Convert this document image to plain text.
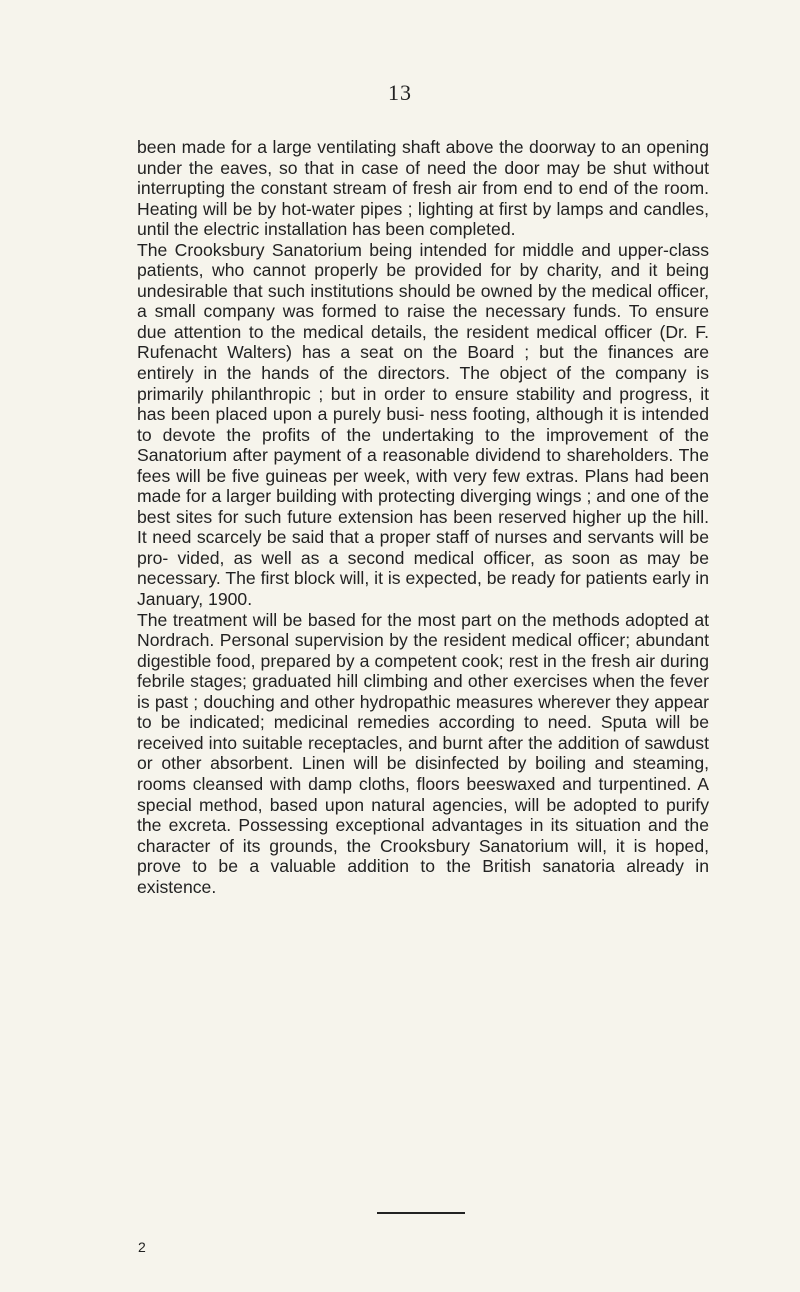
13

been made for a large ventilating shaft above the doorway to an opening under the eaves, so that in case of need the door may be shut without interrupting the constant stream of fresh air from end to end of the room. Heating will be by hot-water pipes ; lighting at first by lamps and candles, until the electric installation has been completed.

The Crooksbury Sanatorium being intended for middle and upper-class patients, who cannot properly be provided for by charity, and it being undesirable that such institutions should be owned by the medical officer, a small company was formed to raise the necessary funds. To ensure due attention to the medical details, the resident medical officer (Dr. F. Rufenacht Walters) has a seat on the Board ; but the finances are entirely in the hands of the directors. The object of the company is primarily philanthropic ; but in order to ensure stability and progress, it has been placed upon a purely busi- ness footing, although it is intended to devote the profits of the undertaking to the improvement of the Sanatorium after payment of a reasonable dividend to shareholders. The fees will be five guineas per week, with very few extras. Plans had been made for a larger building with protecting diverging wings ; and one of the best sites for such future extension has been reserved higher up the hill. It need scarcely be said that a proper staff of nurses and servants will be pro- vided, as well as a second medical officer, as soon as may be necessary. The first block will, it is expected, be ready for patients early in January, 1900.

The treatment will be based for the most part on the methods adopted at Nordrach. Personal supervision by the resident medical officer; abundant digestible food, prepared by a competent cook; rest in the fresh air during febrile stages; graduated hill climbing and other exercises when the fever is past ; douching and other hydropathic measures wherever they appear to be indicated; medicinal remedies according to need. Sputa will be received into suitable receptacles, and burnt after the addition of sawdust or other absorbent. Linen will be disinfected by boiling and steaming, rooms cleansed with damp cloths, floors beeswaxed and turpentined. A special method, based upon natural agencies, will be adopted to purify the excreta. Possessing exceptional advantages in its situation and the character of its grounds, the Crooksbury Sanatorium will, it is hoped, prove to be a valuable addition to the British sanatoria already in existence.

2
